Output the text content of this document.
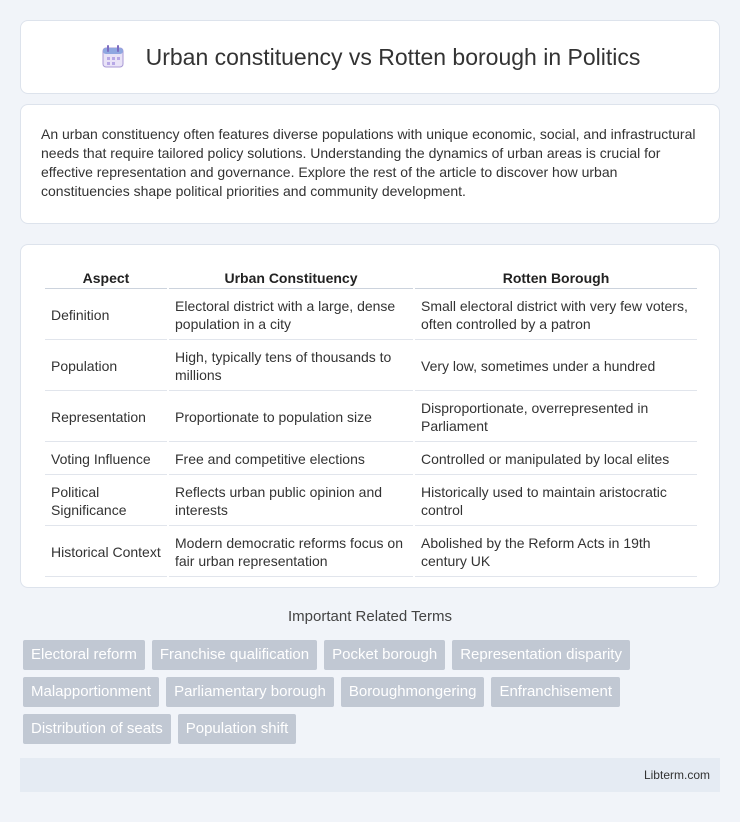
Urban constituency vs Rotten borough in Politics

An urban constituency often features diverse populations with unique economic, social, and infrastructural needs that require tailored policy solutions. Understanding the dynamics of urban areas is crucial for effective representation and governance. Explore the rest of the article to discover how urban constituencies shape political priorities and community development.

Aspect	Urban Constituency	Rotten Borough
Definition	Electoral district with a large, dense population in a city	Small electoral district with very few voters, often controlled by a patron
Population	High, typically tens of thousands to millions	Very low, sometimes under a hundred
Representation	Proportionate to population size	Disproportionate, overrepresented in Parliament
Voting Influence	Free and competitive elections	Controlled or manipulated by local elites
Political Significance	Reflects urban public opinion and interests	Historically used to maintain aristocratic control
Historical Context	Modern democratic reforms focus on fair urban representation	Abolished by the Reform Acts in 19th century UK
Important Related Terms
Electoral reform	Franchise qualification	Pocket borough	Representation disparity
Malapportionment	Parliamentary borough	Boroughmongering	Enfranchisement
Distribution of seats	Population shift
Libterm.com
